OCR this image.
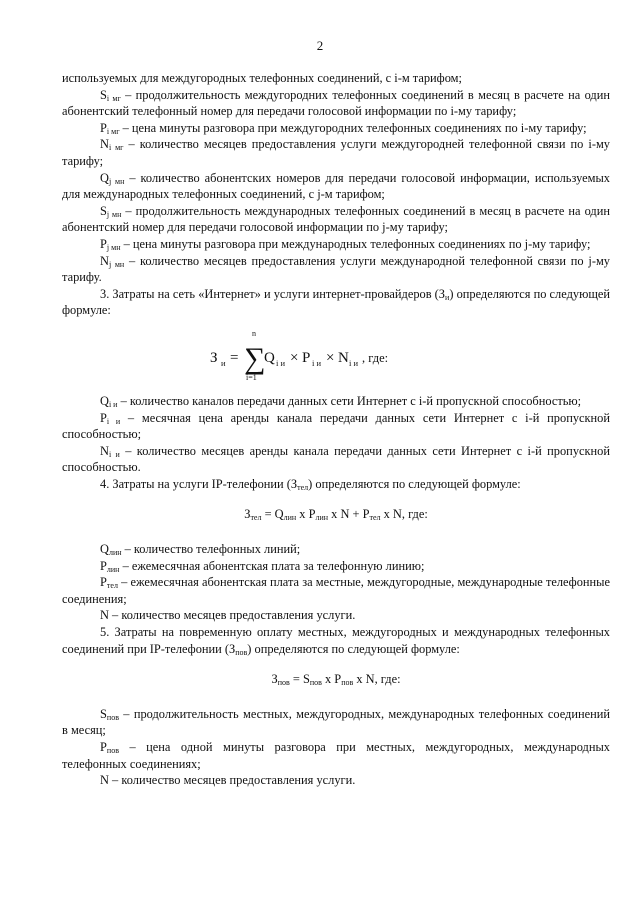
2

используемых для междугородных телефонных соединений, с i-м тарифом;

$S_{i мг}$ – продолжительность междугородних телефонных соединений в месяц в расчете на один абонентский телефонный номер для передачи голосовой информации по i-му тарифу;

$P_{i мг}$ – цена минуты разговора при междугородних телефонных соединениях по i-му тарифу;

$N_{i мг}$ – количество месяцев предоставления услуги междугородней телефонной связи по i-му тарифу;

$Q_{j мн}$ – количество абонентских номеров для передачи голосовой информации, используемых для международных телефонных соединений, с j-м тарифом;

$S_{j мн}$ – продолжительность международных телефонных соединений в месяц в расчете на один абонентский номер для передачи голосовой информации по j-му тарифу;

$P_{j мн}$ – цена минуты разговора при международных телефонных соединениях по j-му тарифу;

$N_{j мн}$ – количество месяцев предоставления услуги международной телефонной связи по j-му тарифу.

3. Затраты на сеть «Интернет» и услуги интернет-провайдеров $(З_и)$ определяются по следующей формуле:

З и =
n
∑
i=1
Q i и × P i и × N i и , где:

$Q_{i и}$ – количество каналов передачи данных сети Интернет с i-й пропускной способностью;

$P_{i и}$ – месячная цена аренды канала передачи данных сети Интернет с i-й пропускной способностью;

$N_{i и}$ – количество месяцев аренды канала передачи данных сети Интернет с i-й пропускной способностью.

4. Затраты на услуги IP-телефонии $(З_{тел})$ определяются по следующей формуле:

$З_{тел} = Q_{лин}$ х $P_{лин}$ х $N + P_{тел}$ х N, где:

$Q_{лин}$ – количество телефонных линий;

$P_{лин}$ – ежемесячная абонентская плата за телефонную линию;

$P_{тел}$ – ежемесячная абонентская плата за местные, междугородные, международные телефонные соединения;

N – количество месяцев предоставления услуги.

5. Затраты на повременную оплату местных, междугородных и международных телефонных соединений при IP-телефонии $(З_{пов})$ определяются по следующей формуле:

$З_{пов} = S_{пов}$ х $P_{пов}$ х N, где:

$S_{пов}$ – продолжительность местных, междугородных, международных телефонных соединений в месяц;

$P_{пов}$ – цена одной минуты разговора при местных, междугородных, международных телефонных соединениях;

N – количество месяцев предоставления услуги.
